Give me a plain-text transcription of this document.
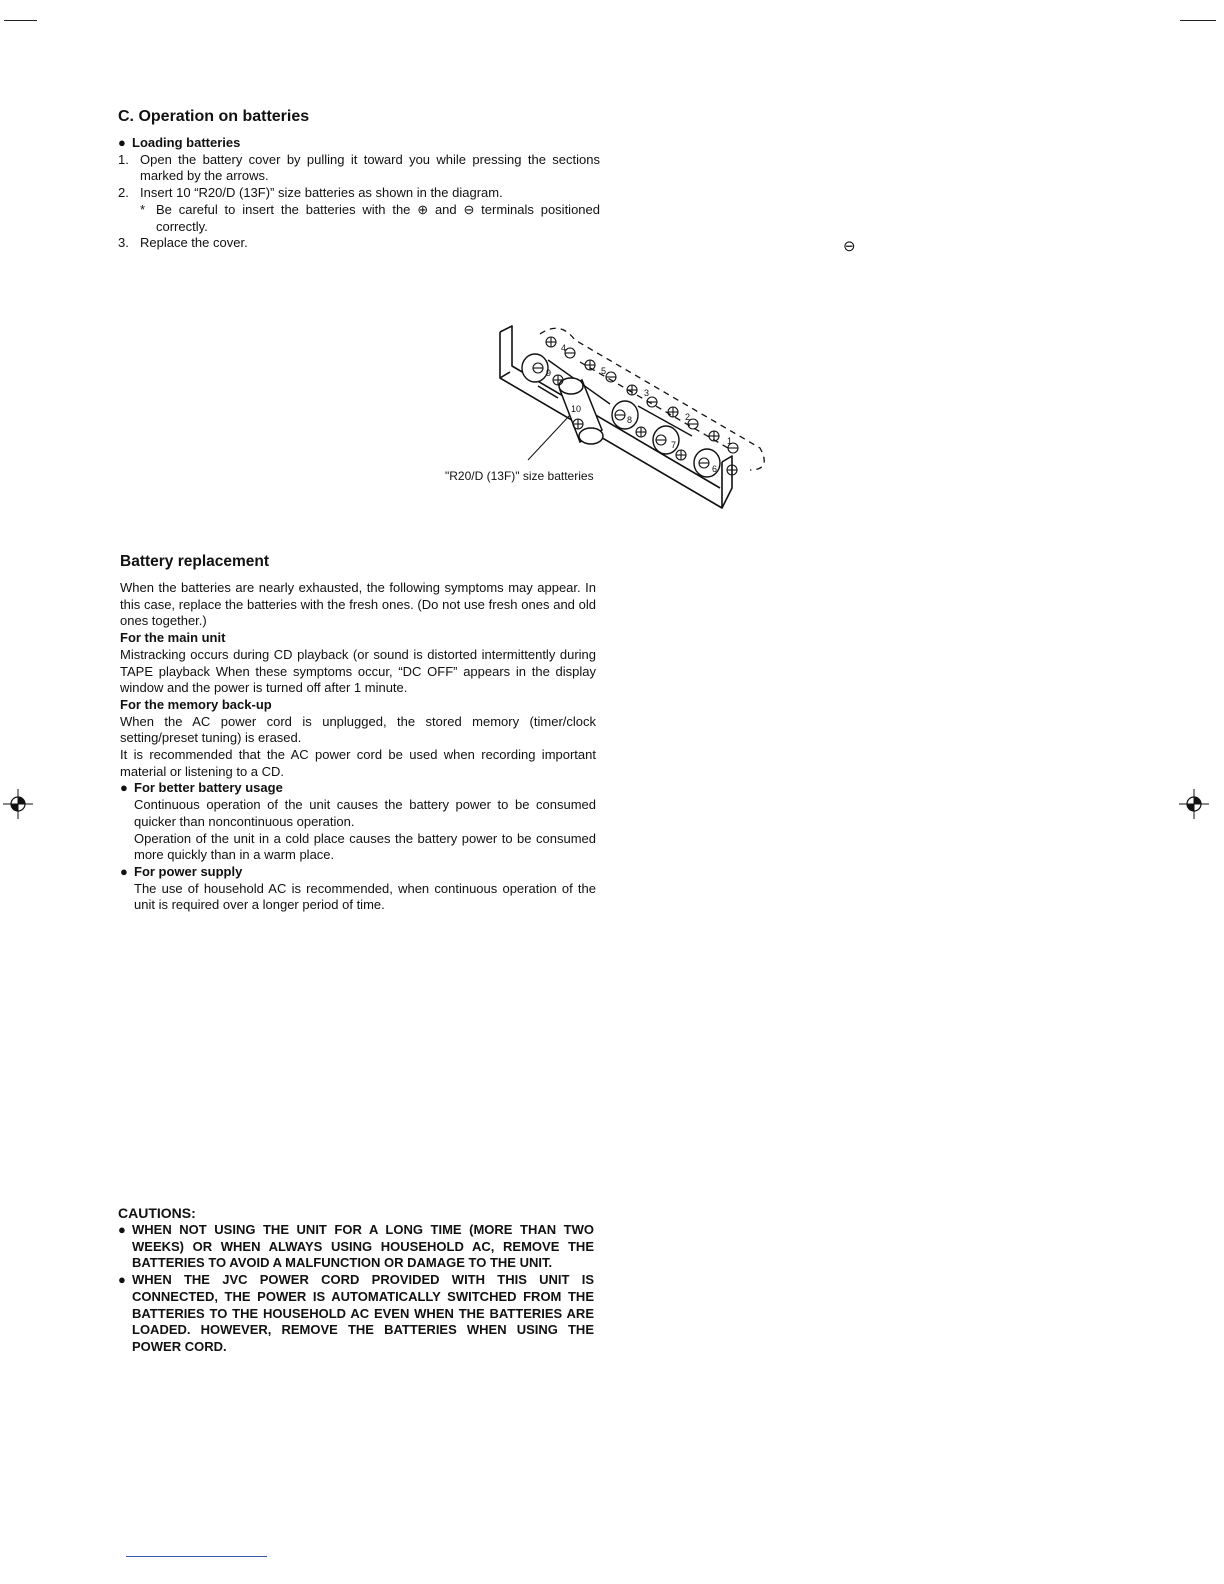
C. Operation on batteries
● Loading batteries
1. Open the battery cover by pulling it toward you while pressing the sections marked by the arrows.
2. Insert 10 “R20/D (13F)” size batteries as shown in the diagram.
* Be careful to insert the batteries with the ⊕ and ⊖ terminals positioned correctly.
3. Replace the cover.	⊖
1
2
3
4
5
6
7
8
9
10
"R20/D (13F)" size batteries
Battery replacement

When the batteries are nearly exhausted, the following symptoms may appear. In this case, replace the batteries with the fresh ones. (Do not use fresh ones and old ones together.)

For the main unit

Mistracking occurs during CD playback (or sound is distorted intermittently during TAPE playback When these symptoms occur, “DC OFF” appears in the display window and the power is turned off after 1 minute.

For the memory back-up

When the AC power cord is unplugged, the stored memory (timer/clock setting/preset tuning) is erased.

It is recommended that the AC power cord be used when recording important material or listening to a CD.

● For better battery usage

Continuous operation of the unit causes the battery power to be consumed quicker than noncontinuous operation.

Operation of the unit in a cold place causes the battery power to be consumed more quickly than in a warm place.

● For power supply

The use of household AC is recommended, when continuous operation of the unit is required over a longer period of time.

CAUTIONS:

● WHEN NOT USING THE UNIT FOR A LONG TIME (MORE THAN TWO WEEKS) OR WHEN ALWAYS USING HOUSEHOLD AC, REMOVE THE BATTERIES TO AVOID A MALFUNCTION OR DAMAGE TO THE UNIT.
● WHEN THE JVC POWER CORD PROVIDED WITH THIS UNIT IS CONNECTED, THE POWER IS AUTOMATICALLY SWITCHED FROM THE BATTERIES TO THE HOUSEHOLD AC EVEN WHEN THE BATTERIES ARE LOADED. HOWEVER, REMOVE THE BATTERIES WHEN USING THE POWER CORD.
